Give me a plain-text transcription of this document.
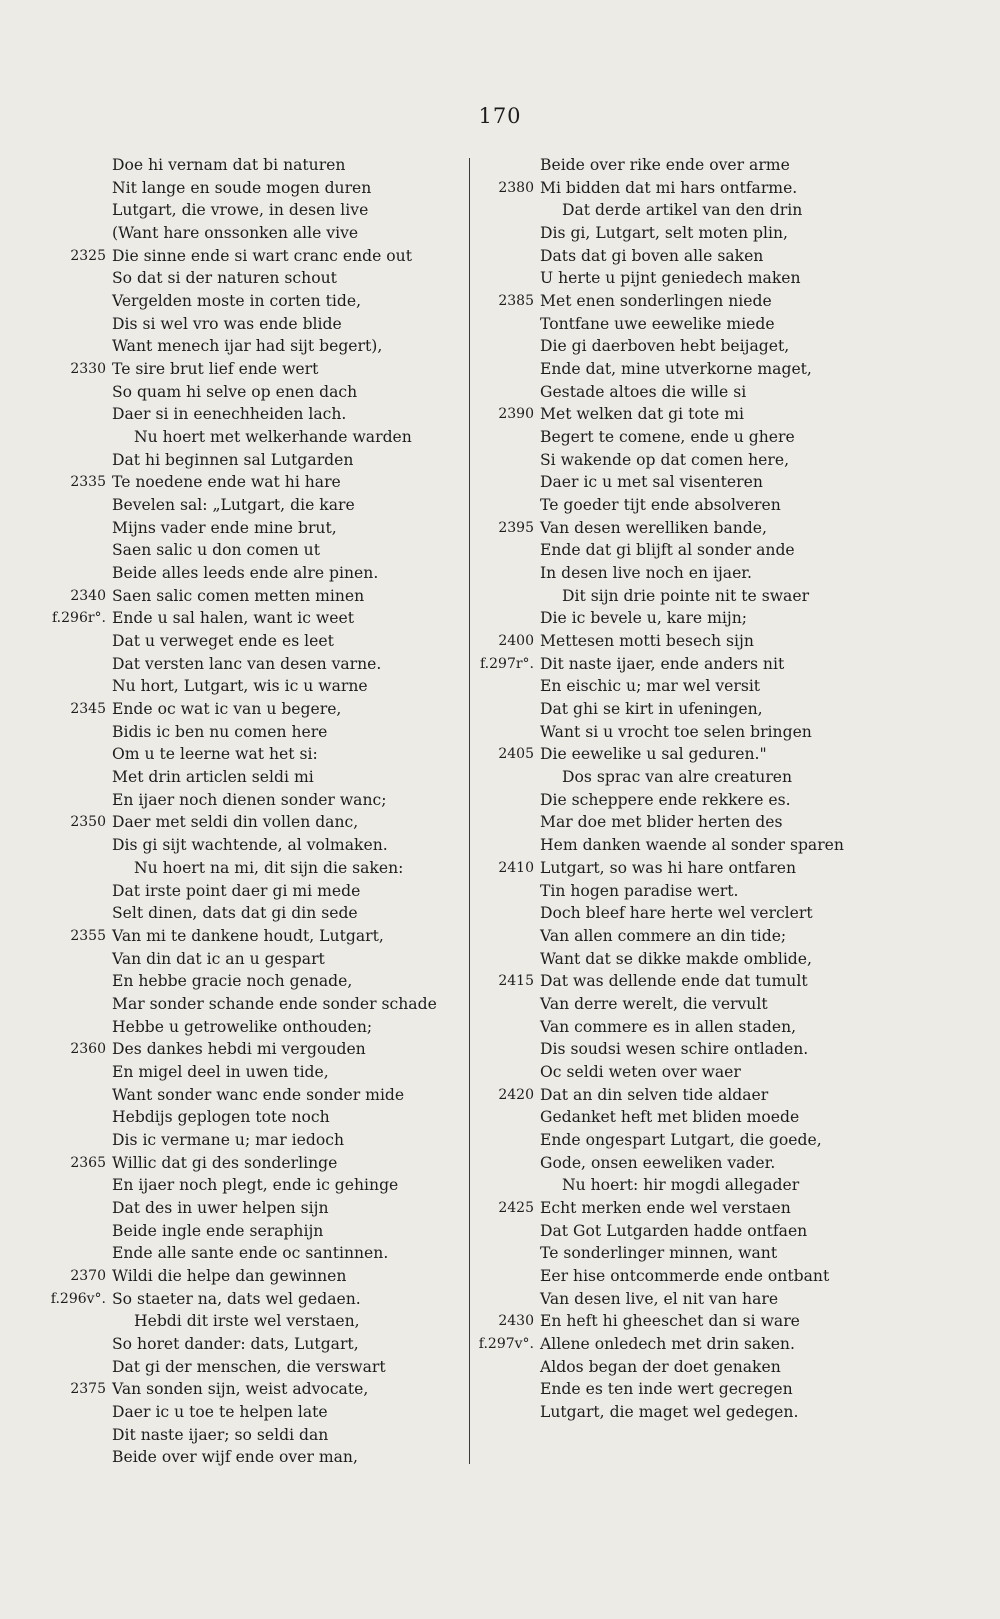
170
Doe hi vernam dat bi naturen
Nit lange en soude mogen duren
Lutgart, die vrowe, in desen live
(Want hare onssonken alle vive
2325 Die sinne ende si wart cranc ende out
So dat si der naturen schout
Vergelden moste in corten tide,
Dis si wel vro was ende blide
Want menech ijar had sijt begert),
2330 Te sire brut lief ende wert
So quam hi selve op enen dach
Daer si in eenechheiden lach.
Nu hoert met welkerhande warden
Dat hi beginnen sal Lutgarden
2335 Te noedene ende wat hi hare
Bevelen sal: „Lutgart, die kare
Mijns vader ende mine brut,
Saen salic u don comen ut
Beide alles leeds ende alre pinen.
2340 Saen salic comen metten minen
f.296r°. Ende u sal halen, want ic weet
Dat u verweget ende es leet
Dat versten lanc van desen varne.
Nu hort, Lutgart, wis ic u warne
2345 Ende oc wat ic van u begere,
Bidis ic ben nu comen here
Om u te leerne wat het si:
Met drin articlen seldi mi
En ijaer noch dienen sonder wanc;
2350 Daer met seldi din vollen danc,
Dis gi sijt wachtende, al volmaken.
Nu hoert na mi, dit sijn die saken:
Dat irste point daer gi mi mede
Selt dinen, dats dat gi din sede
2355 Van mi te dankene houdt, Lutgart,
Van din dat ic an u gespart
En hebbe gracie noch genade,
Mar sonder schande ende sonder schade
Hebbe u getrowelike onthouden;
2360 Des dankes hebdi mi vergouden
En migel deel in uwen tide,
Want sonder wanc ende sonder mide
Hebdijs geplogen tote noch
Dis ic vermane u; mar iedoch
2365 Willic dat gi des sonderlinge
En ijaer noch plegt, ende ic gehinge
Dat des in uwer helpen sijn
Beide ingle ende seraphijn
Ende alle sante ende oc santinnen.
2370 Wildi die helpe dan gewinnen
f.296v°. So staeter na, dats wel gedaen.
Hebdi dit irste wel verstaen,
So horet dander: dats, Lutgart,
Dat gi der menschen, die verswart
2375 Van sonden sijn, weist advocate,
Daer ic u toe te helpen late
Dit naste ijaer; so seldi dan
Beide over wijf ende over man,
Beide over rike ende over arme
2380 Mi bidden dat mi hars ontfarme.
Dat derde artikel van den drin
Dis gi, Lutgart, selt moten plin,
Dats dat gi boven alle saken
U herte u pijnt geniedech maken
2385 Met enen sonderlingen niede
Tontfane uwe eewelike miede
Die gi daerboven hebt beijaget,
Ende dat, mine utverkorne maget,
Gestade altoes die wille si
2390 Met welken dat gi tote mi
Begert te comene, ende u ghere
Si wakende op dat comen here,
Daer ic u met sal visenteren
Te goeder tijt ende absolveren
2395 Van desen werelliken bande,
Ende dat gi blijft al sonder ande
In desen live noch en ijaer.
Dit sijn drie pointe nit te swaer
Die ic bevele u, kare mijn;
2400 Mettesen motti besech sijn
f.297r°. Dit naste ijaer, ende anders nit
En eischic u; mar wel versit
Dat ghi se kirt in ufeningen,
Want si u vrocht toe selen bringen
2405 Die eewelike u sal geduren."
Dos sprac van alre creaturen
Die scheppere ende rekkere es.
Mar doe met blider herten des
Hem danken waende al sonder sparen
2410 Lutgart, so was hi hare ontfaren
Tin hogen paradise wert.
Doch bleef hare herte wel verclert
Van allen commere an din tide;
Want dat se dikke makde omblide,
2415 Dat was dellende ende dat tumult
Van derre werelt, die vervult
Van commere es in allen staden,
Dis soudsi wesen schire ontladen.
Oc seldi weten over waer
2420 Dat an din selven tide aldaer
Gedanket heft met bliden moede
Ende ongespart Lutgart, die goede,
Gode, onsen eeweliken vader.
Nu hoert: hir mogdi allegader
2425 Echt merken ende wel verstaen
Dat Got Lutgarden hadde ontfaen
Te sonderlinger minnen, want
Eer hise ontcommerde ende ontbant
Van desen live, el nit van hare
2430 En heft hi gheeschet dan si ware
f.297v°. Allene onledech met drin saken.
Aldos began der doet genaken
Ende es ten inde wert gecregen
Lutgart, die maget wel gedegen.
